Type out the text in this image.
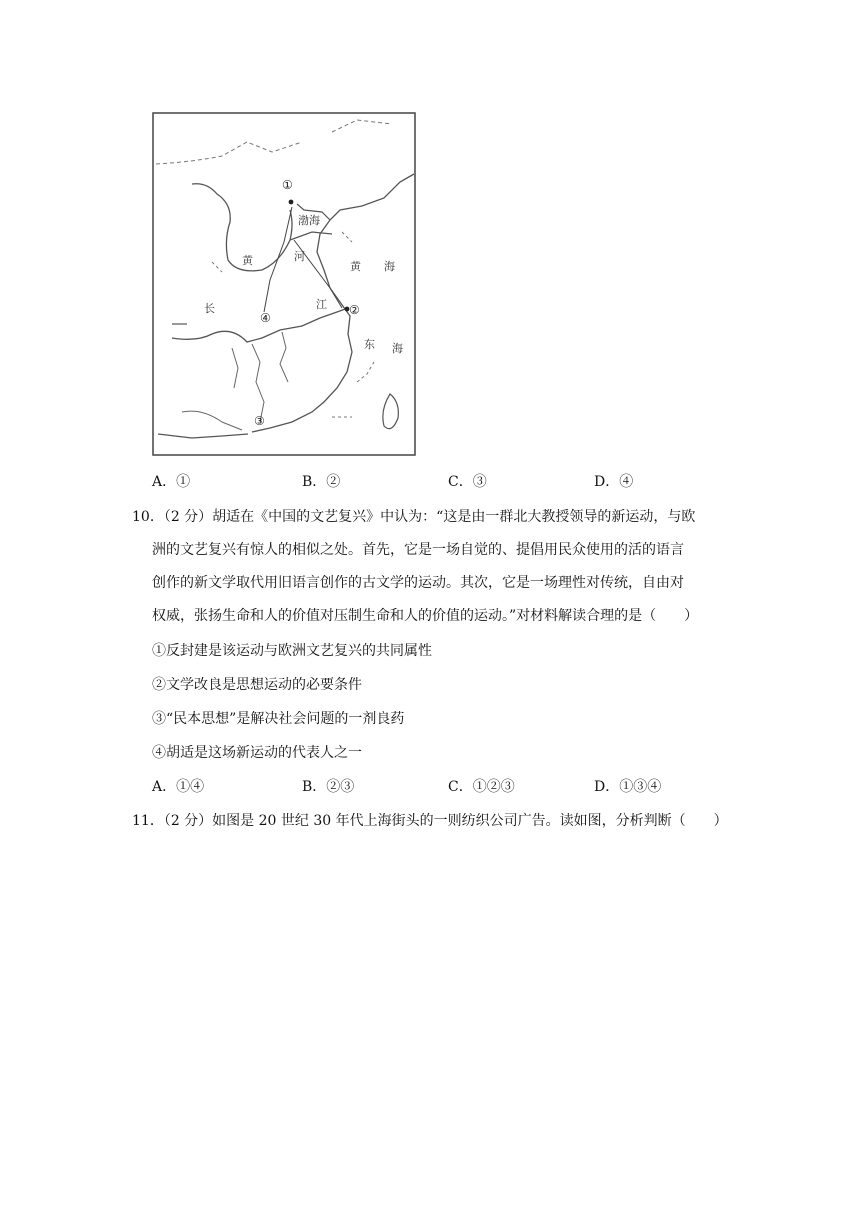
①
②
③
④
渤海
黄	河
黄 海
长	江
东 海
A．①	B．②	C．③	D．④
10．（2 分）胡适在《中国的文艺复兴》中认为：“这是由一群北大教授领导的新运动，与欧
洲的文艺复兴有惊人的相似之处。首先，它是一场自觉的、提倡用民众使用的活的语言
创作的新文学取代用旧语言创作的古文学的运动。其次，它是一场理性对传统，自由对
权威，张扬生命和人的价值对压制生命和人的价值的运动。”对材料解读合理的是（　　）
①反封建是该运动与欧洲文艺复兴的共同属性
②文学改良是思想运动的必要条件
③“民本思想”是解决社会问题的一剂良药
④胡适是这场新运动的代表人之一
A．①④	B．②③	C．①②③	D．①③④
11．（2 分）如图是 20 世纪 30 年代上海街头的一则纺织公司广告。读如图，分析判断（　　）
